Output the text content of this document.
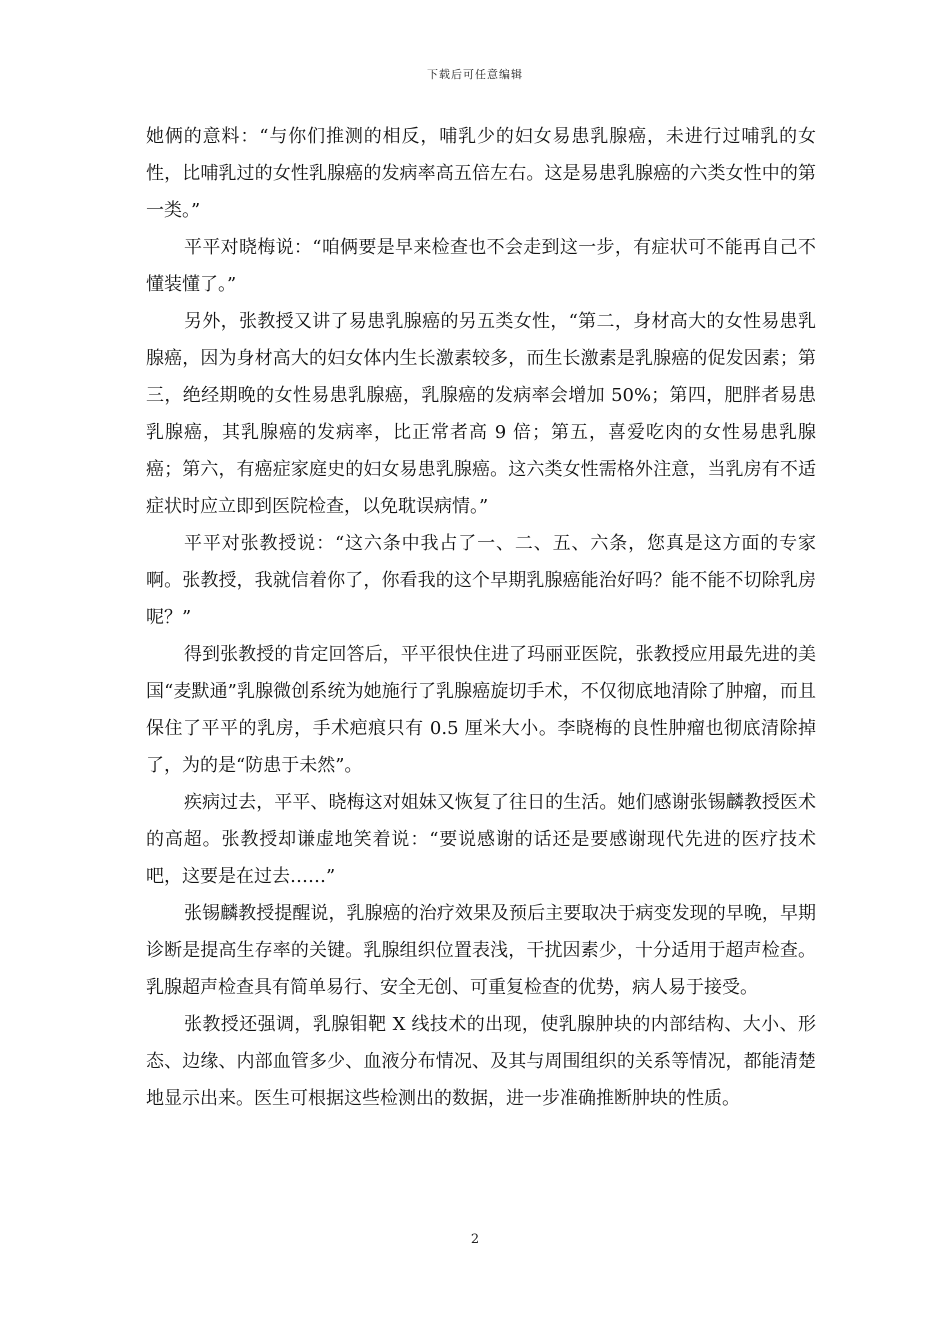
下载后可任意编辑

她俩的意料：“与你们推测的相反，哺乳少的妇女易患乳腺癌，未进行过哺乳的女性，比哺乳过的女性乳腺癌的发病率高五倍左右。这是易患乳腺癌的六类女性中的第一类。”

平平对晓梅说：“咱俩要是早来检查也不会走到这一步，有症状可不能再自己不懂装懂了。”

另外，张教授又讲了易患乳腺癌的另五类女性，“第二，身材高大的女性易患乳腺癌，因为身材高大的妇女体内生长激素较多，而生长激素是乳腺癌的促发因素；第三，绝经期晚的女性易患乳腺癌，乳腺癌的发病率会增加 50%；第四，肥胖者易患乳腺癌，其乳腺癌的发病率，比正常者高 9 倍；第五，喜爱吃肉的女性易患乳腺癌；第六，有癌症家庭史的妇女易患乳腺癌。这六类女性需格外注意，当乳房有不适症状时应立即到医院检查，以免耽误病情。”

平平对张教授说：“这六条中我占了一、二、五、六条，您真是这方面的专家啊。张教授，我就信着你了，你看我的这个早期乳腺癌能治好吗？能不能不切除乳房呢？”

得到张教授的肯定回答后，平平很快住进了玛丽亚医院，张教授应用最先进的美国“麦默通”乳腺微创系统为她施行了乳腺癌旋切手术，不仅彻底地清除了肿瘤，而且保住了平平的乳房，手术疤痕只有 0.5 厘米大小。李晓梅的良性肿瘤也彻底清除掉了，为的是“防患于未然”。

疾病过去，平平、晓梅这对姐妹又恢复了往日的生活。她们感谢张锡麟教授医术的高超。张教授却谦虚地笑着说：“要说感谢的话还是要感谢现代先进的医疗技术吧，这要是在过去……”

张锡麟教授提醒说，乳腺癌的治疗效果及预后主要取决于病变发现的早晚，早期诊断是提高生存率的关键。乳腺组织位置表浅，干扰因素少，十分适用于超声检查。乳腺超声检查具有简单易行、安全无创、可重复检查的优势，病人易于接受。

张教授还强调，乳腺钼靶 X 线技术的出现，使乳腺肿块的内部结构、大小、形态、边缘、内部血管多少、血液分布情况、及其与周围组织的关系等情况，都能清楚地显示出来。医生可根据这些检测出的数据，进一步准确推断肿块的性质。

2
